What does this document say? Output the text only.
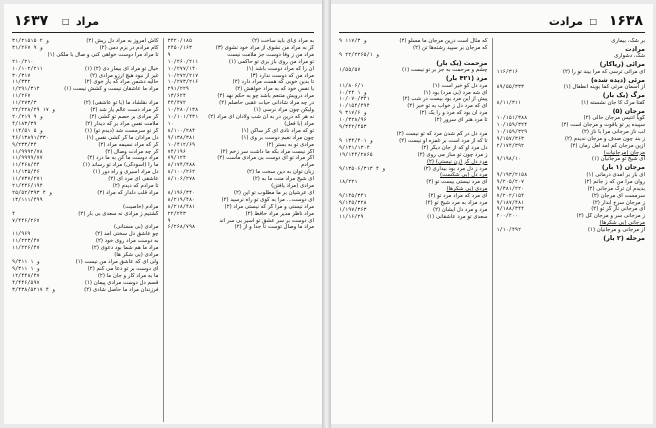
مراد
□
۱۶۳۷
به مراد ی‌ای باید ساخت (۲)
۳۴۲۰/۱۸۵
گر به مراد من نشوی از مراد خود نشوی (۳)
۲۴۵۰/۱۶۳
مراد من ز وفا دوست جز ملامت نیست
۹
تو مراد من روی باز بری تو حاکمی (۱)
۱۰/۲۶۰/۲۱۱
آن را که مراد دوست باشد (۱)
۱۰/۲۷۷/۱۴۰
مراد من که دوست ندارد (۳)
۱۰/۲۷۲/۲۱۷
تا بدین خوبی که هست مراد دارد (۲)
۱۰/۲۷۳/۲۱۶
با نفس خود که به مراد خواهش (۲)
۲۹۱/۲۲۹
مراد درویش متنعم باشد چو به حکم نهد (۲)
۱۳/۶۲۴
در چه مراد شادانی حیات عقبی حاصلم (۲)
۴۴/۴۷۲
ولیکن چون مراد نرسی (۱)
۱۰/۲۸۰/۱۳۸
نه هر که درین در به آن شب ولادان ای مراد (۲)
۱۰/۱۰۱/۴۳۱
مراد (با فعل)
۱۰
تو که مراد نادی ای گر ساکن (۱)
۸/۱۰۰/۲۸۴
چون مراد نعیم دوست بر وی (۱)
۹/۱۳۸/۳۸۱
مرادی تو به بستر (۲)
۱۰/۴۱۲/۶۹
اگر نیست مراد بکه ما داشت سر زخم (۲)
۷۴/۱۹۶
اگر مراد تو ای دوست بی مرادی ماست (۲)
۷۹/۱۲۴
مرادم
۸/۱۷۴/۴۸۸
زبان توان به دین سخت ما (۲)
۸/۱۰۰/۲۶۲
ای شیخ مراد منت ما به (۲)
۸/۱۰۶/۲۷۸
مرادی (مراد یافتن)
ای عرشیان بر ما مطلوب تو این (۲)
۸/۱۹۶/۳۴۰
ای دوست... مرا به کوی تو راه نرسید (۲)
۸/۲۱۹/۴۸۰
مراد نیستی و مرا گر که نیستی مراد (۲)
۸/۲۱۸/۴۸۱
مراد ناظر مدیر مراد حافظ (۲)
۲۲/۲۴۳
ای دوست بر سر عشق تو اسیر بی سر اند
۹
مراد ما وصال توست تا جدا و از (۲)
۶/۲۶۸/۷۹۸
کاش امروز به مراد دل ریش (۲)
۳۱/۲۱۵۱۵ و ۲
کام مرادم در بزم دمی (۲)
۳۱/۲۶۷ و ۹
تا مراد مرا دوست خواهی کنی و صال با ملکی (۱)
۲۱۰/۲۱۰
خیال تو مراد ای بیمار دی (۲) (۱)
۱۰/۱۰۲/۲۱۱
غیر از نبود هیچ آرزو مرادی (۲)
۳۰/۳۱۷
حالیه دشمن مراد که یار خوی (۲)
۱۱/۳۳۲
مراد ما عاشقان نیست و کشش نیست (۱)
۱/۲۹۱/۳۱۴
۱۱/۲۶۷
مراد نقلشاد ما (با تو عاشقی) (۲)
۱۱/۲۷۳/۳
گر مراد دست عالم یار شد (۲)
۲۲/۲۲۸/۲۹ و ۱۷
گر مرادی بر حصم تو کشی (۲)
۲۰/۲۱۹ و ۹
ملامت نفس مراد بر که دیدار (۲)
۴/۱۸۳/۳۹
گر تو سرمست شد (دیدم تو) (۱)
۱۱۴/۵۱ و ۵
دل مرادان ما گر کشی نفس (۱)
۴۶/۱۳۸۹۱/۳۳۰
گر که مراد نسیمه مراد (۲)
۹/۲۳۳/۳۴
گر چه مرادت وصال (۲)
۱۱/۹۹۹۲/۷۸
مراد دوست ما کن به ما درد (۲)
۱۱/۹۹۹۹/۷۷
ما را (آسودگی) مراد تو رساند (۱)
۱۱/۴۶۸/۴۴
دل مراد اسیری و راه دور (۱)
۱۱/۱۳۵/۴۶
عاشقی ای مرد ای (۲)
۱۱/۷۳۷/۲۷۱
تا مرادم که دیدم (۲)
۲۱/۴۴۶/۱۹۴
مراد قلب دلدار که مراد (۲)
۲۵/۵۲/۳۹۳ و ۴
۱۳/۱۱۱/۴۹۹
مرادم (خاصیت)
گشتیم ز مرادی نه سعدی بی بار (۲)
۴
۷/۴۴۶/۲۶۷
مرادی (بی مستانی)
چو عاشق دل سختی آمد (۲)
۱۱/۹۶۹
به دوست مراد روی خود (۲)
۱۱/۲۲۳/۴۷
مراد ما هم شما بود دعوی (۲)
۱۱/۲۲۶/۴۷
مرادی (بی شکر ها)
ولی ای که عاشق مراد من نیست (۱)
۹/۳۱۱ و ۱
ای دوست بر تو دعا می کنم (۲)
۹/۳۱۱ و ۱
ما به مراد کار و جان ما (۲)
۱۲/۴۴۸/۴۷
قسم دل دوست مرادی پیمان (۱)
۴/۴۴۶/۵۹۷
فرزندان مراد ما حاصل شادی (۲)
۳/۴۳۸/۵۲۱۷ و ۴
۱۶۳۸
□
مرادت
بر شک، بیماری
مرادت
شک، دشواری
مرائی (ریاکار)
ای مرائی ترسی که مرا بیند تو را (۲)
۱۱۶/۳۱۶
مرئی (دیده شده)
از آسمان مرئی کما بوینه انطفال (۱)
۸۹/۵۵/۳۳۳
مرگ (یک بار)
گفتا مرگ کا جان نشسته (۱)
۸/۱۱/۳۱۱
مرجان (۵)
گویا انتیس مرجان حالی (۲)
۱۰/۱۵۱/۳۸۸
سپیده پر تو یاقوت و مرجان است (۲)
۱۰/۱۵۹/۳۲۴
لب ناز مرجانی مرا با ناز (۲)
۱۰/۱۵۹/۳۲۹
ز بند چون صدف و مرجان ندیدم (۲)
۹/۱۵۷/۳۶۳
ازین مرجان کم آمد لعل رمان (۲)
۲/۱۷۴/۳۹۲
مرجان (مرجانيات)
ای شیخ تو مرجانیان (۱)
۹/۱۹۸/۱۰
مرجان (۱ بار)
ای بار بر آمدی درمانی (۱)
۹/۱۹۳/۲۱۵۸
روان مرا من که ز جانم (۲)
۹/۲۰۵/۲۰۷
بدیدم آن ترک مرجانی (۲)
۹/۳۸۱/۲۲۰
سرمست ای مرجان (۲)
۷/۲۰۲/۱۵۴
ز مرجان سرخ آبدار (۲)
۹/۱۸۷/۴۸۱
ای مرجانی ناز گر تو (۲)
۹/۱۸۸/۳۴۴
ز مرجانی سر و مرجان گل (۲)
۲۰۰/۲۰۰
مرجانی (بی شکرها)
از مرجانی و مرجانیان (۱)
۱/۱۰/۴۹۲
مرحله (۲ بار)
که مثال است درین مرجان ما مسلو (۲)
۹ و ۱۱۷/۳
که مرجان بر سپید رشته‌ها تن (۲)
۹ و ۲۲/۲۲۶۵/۱
مرحمت (یک بار)
چشم و مرحمت به جز بر تو نیست (۱)
۱/۵۵/۵۷
مرد (۴۲۱ بار)
مرد دل کو خیر است (۱)
۱۱/۸۰۶/۱
ای شه مرد (بی مرد) بود (۱)
۱۰/۲۴ و ۱
پیش از این مرد بود بیست در شب (۲)
۱۰/۰۷۰/۳۴۱
ای که مرد دل ز خواب به تو خبر (۲)
۱۰/۱۵۴/۴۹۴
مرد آن بود که مرد و را یک (۲)
۹ و ۳۱۷/۶
تا مرد هنر ای سرور (۲)
۱۰/۳۲۸/۹۶
۹/۳۴۲/۴۵۳
مرد دل در گم شدن مرد که تو نیست (۲)
تا که از مرد است بر غمزه او نیست (۲)
۹ و ۱۳۴/۴۰۱
دل مرد او که از جان دیگر (۲)
۹/۱۳۱/۱۳۰۴
ز مرد چون تو ساز می روی (۲)
۱۹/۱۴۴/۲۸۶۵
مرد دل گر (زن نیستی) (۲)
مرد ز دل مرد بود بیداری (۲)
۹/۱۳۵۰۶/۳۱۳ و ۴
مرد دل (بی شکست)
ای مرد نیستی بیست تو (۲)
۱۸/۲۲۱
مردی (بی شکرها)
ای مرد که مراد مرد تو (۲)
۹/۱۴۵/۳۴۱
مرد مراد به مرد شیخ تو (۲)
۹/۱۴۵/۳۲۸
مرد و مرد دل ایشان (۲)
۱/۱۹۷/۳۶۳
سعدی تو مرد عاشقانی (۱)
۱۱/۱۶/۲۹
